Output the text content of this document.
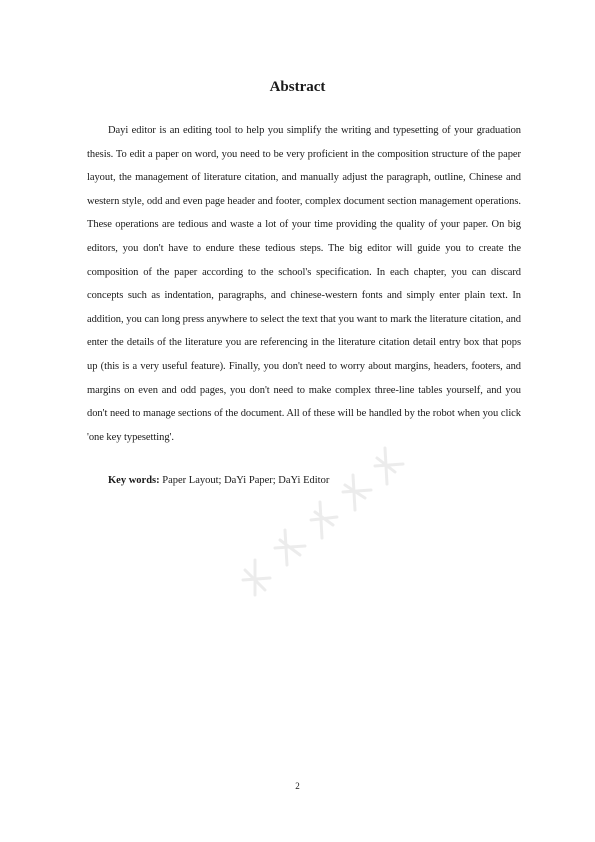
Abstract

Dayi editor is an editing tool to help you simplify the writing and typesetting of your graduation thesis. To edit a paper on word, you need to be very proficient in the composition structure of the paper layout, the management of literature citation, and manually adjust the paragraph, outline, Chinese and western style, odd and even page header and footer, complex document section management operations. These operations are tedious and waste a lot of your time providing the quality of your paper. On big editors, you don't have to endure these tedious steps. The big editor will guide you to create the composition of the paper according to the school's specification. In each chapter, you can discard concepts such as indentation, paragraphs, and chinese-western fonts and simply enter plain text. In addition, you can long press anywhere to select the text that you want to mark the literature citation, and enter the details of the literature you are referencing in the literature citation detail entry box that pops up (this is a very useful feature). Finally, you don't need to worry about margins, headers, footers, and margins on even and odd pages, you don't need to make complex three-line tables yourself, and you don't need to manage sections of the document. All of these will be handled by the robot when you click 'one key typesetting'.

Key words: Paper Layout; DaYi Paper; DaYi Editor

2
